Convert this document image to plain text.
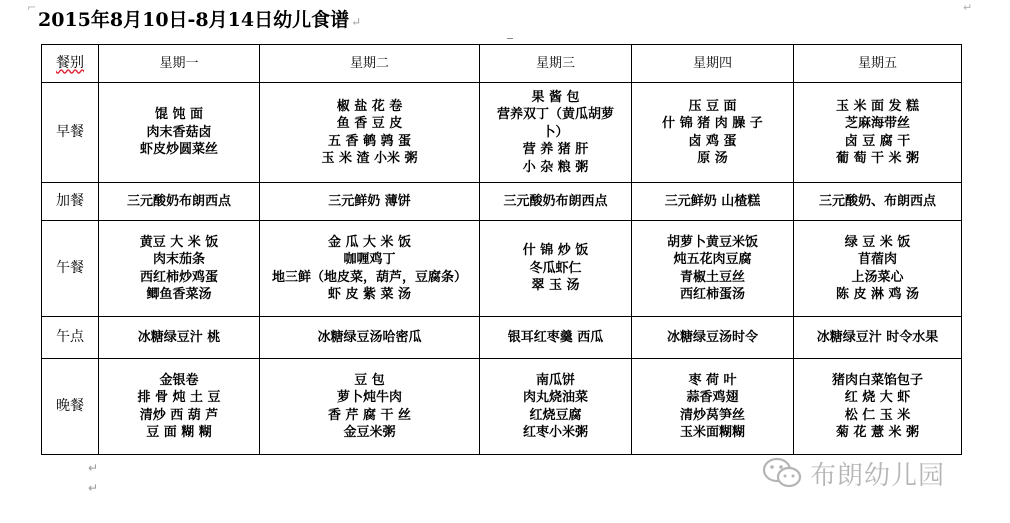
2015年8月10日-8月14日幼儿食谱 ↵
⌐	↵
餐别	星期一	星期二	星期三	星期四	星期五
早餐	馄 饨 面
肉末香菇卤
虾皮炒圆菜丝	椒 盐 花 卷
鱼 香 豆 皮
五 香 鹌 鹑 蛋
玉 米 渣 小米 粥	果 酱 包
营养双丁（黄瓜胡萝
卜）
营 养 猪 肝
小 杂 粮 粥	压 豆 面
什 锦 猪 肉 臊 子
卤 鸡 蛋
原 汤	玉 米 面 发 糕
芝麻海带丝
卤 豆 腐 干
葡 萄 干 米 粥

加餐	三元酸奶布朗西点	三元鲜奶 薄饼	三元酸奶布朗西点	三元鲜奶 山楂糕	三元酸奶、布朗西点

午餐	黄豆 大 米 饭
肉末茄条
西红柿炒鸡蛋
鲫鱼香菜汤	金 瓜 大 米 饭
咖喱鸡丁
地三鲜（地皮菜，葫芦，豆腐条）
虾 皮 紫 菜 汤	什 锦 炒 饭
冬瓜虾仁
翠 玉 汤	胡萝卜黄豆米饭
炖五花肉豆腐
青椒土豆丝
西红柿蛋汤	绿 豆 米 饭
苜蓿肉
上汤菜心
陈 皮 淋 鸡 汤

午点	冰糖绿豆汁 桃	冰糖绿豆汤哈密瓜	银耳红枣羹 西瓜	冰糖绿豆汤时令	冰糖绿豆汁 时令水果

晚餐	金银卷
排 骨 炖 土 豆
清炒 西 葫 芦
豆 面 糊 糊	豆 包
萝卜炖牛肉
香 芹 腐 干 丝
金豆米粥	南瓜饼
肉丸烧油菜
红烧豆腐
红枣小米粥	枣 荷 叶
蒜香鸡翅
清炒莴笋丝
玉米面糊糊	猪肉白菜馅包子
红 烧 大 虾
松 仁 玉 米
菊 花 薏 米 粥
↵
↵	布朗幼儿园
